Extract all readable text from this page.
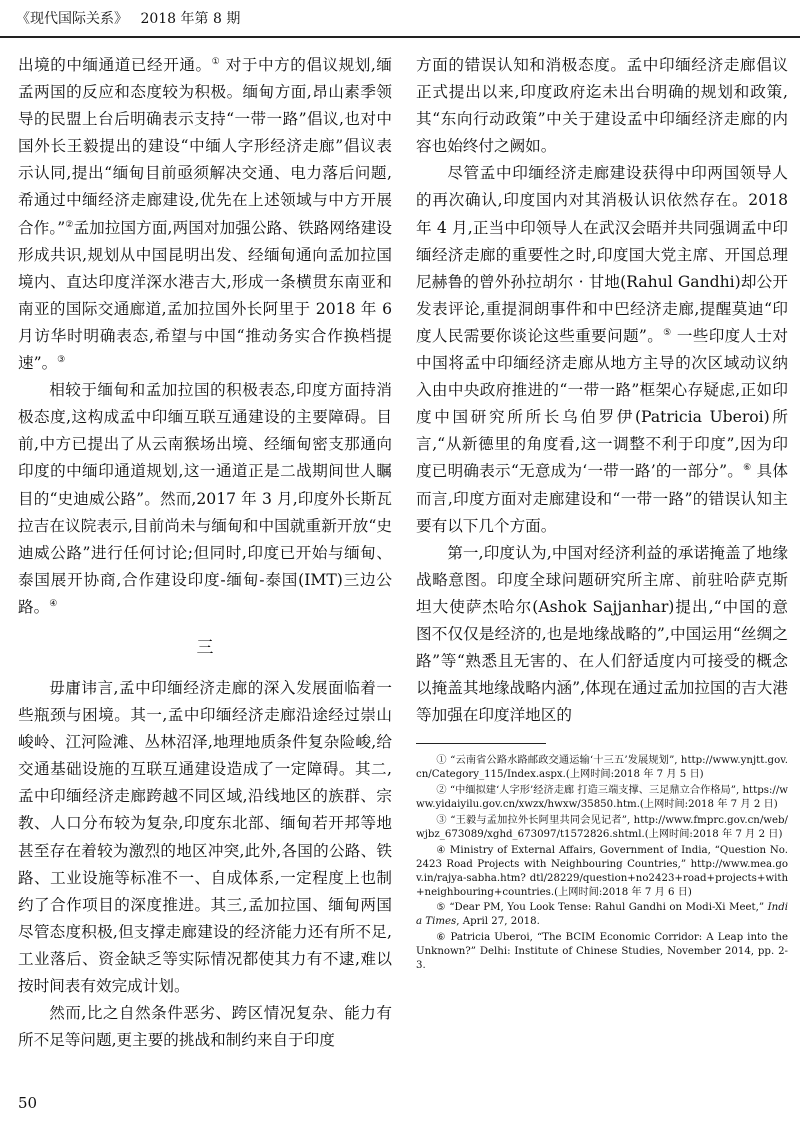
《现代国际关系》 2018 年第 8 期

出境的中缅通道已经开通。① 对于中方的倡议规划,缅孟两国的反应和态度较为积极。缅甸方面,昂山素季领导的民盟上台后明确表示支持“一带一路”倡议,也对中国外长王毅提出的建设“中缅人字形经济走廊”倡议表示认同,提出“缅甸目前亟须解决交通、电力落后问题,希通过中缅经济走廊建设,优先在上述领域与中方开展合作。”②孟加拉国方面,两国对加强公路、铁路网络建设形成共识,规划从中国昆明出发、经缅甸通向孟加拉国境内、直达印度洋深水港吉大,形成一条横贯东南亚和南亚的国际交通廊道,孟加拉国外长阿里于 2018 年 6 月访华时明确表态,希望与中国“推动务实合作换档提速”。③

相较于缅甸和孟加拉国的积极表态,印度方面持消极态度,这构成孟中印缅互联互通建设的主要障碍。目前,中方已提出了从云南猴场出境、经缅甸密支那通向印度的中缅印通道规划,这一通道正是二战期间世人瞩目的“史迪威公路”。然而,2017 年 3 月,印度外长斯瓦拉吉在议院表示,目前尚未与缅甸和中国就重新开放“史迪威公路”进行任何讨论;但同时,印度已开始与缅甸、泰国展开协商,合作建设印度-缅甸-泰国(IMT)三边公路。④

三

毋庸讳言,孟中印缅经济走廊的深入发展面临着一些瓶颈与困境。其一,孟中印缅经济走廊沿途经过崇山峻岭、江河险滩、丛林沼泽,地理地质条件复杂险峻,给交通基础设施的互联互通建设造成了一定障碍。其二,孟中印缅经济走廊跨越不同区域,沿线地区的族群、宗教、人口分布较为复杂,印度东北部、缅甸若开邦等地甚至存在着较为激烈的地区冲突,此外,各国的公路、铁路、工业设施等标准不一、自成体系,一定程度上也制约了合作项目的深度推进。其三,孟加拉国、缅甸两国尽管态度积极,但支撑走廊建设的经济能力还有所不足,工业落后、资金缺乏等实际情况都使其力有不逮,难以按时间表有效完成计划。

然而,比之自然条件恶劣、跨区情况复杂、能力有所不足等问题,更主要的挑战和制约来自于印度

方面的错误认知和消极态度。孟中印缅经济走廊倡议正式提出以来,印度政府迄未出台明确的规划和政策,其“东向行动政策”中关于建设孟中印缅经济走廊的内容也始终付之阙如。

尽管孟中印缅经济走廊建设获得中印两国领导人的再次确认,印度国内对其消极认识依然存在。2018 年 4 月,正当中印领导人在武汉会晤并共同强调孟中印缅经济走廊的重要性之时,印度国大党主席、开国总理尼赫鲁的曾外孙拉胡尔 · 甘地(Rahul Gandhi)却公开发表评论,重提洞朗事件和中巴经济走廊,提醒莫迪“印度人民需要你谈论这些重要问题”。⑤ 一些印度人士对中国将孟中印缅经济走廊从地方主导的次区域动议纳入由中央政府推进的“一带一路”框架心存疑虑,正如印度中国研究所所长乌伯罗伊(Patricia Uberoi)所言,“从新德里的角度看,这一调整不利于印度”,因为印度已明确表示“无意成为‘一带一路’的一部分”。⑥ 具体而言,印度方面对走廊建设和“一带一路”的错误认知主要有以下几个方面。

第一,印度认为,中国对经济利益的承诺掩盖了地缘战略意图。印度全球问题研究所主席、前驻哈萨克斯坦大使萨杰哈尔(Ashok Sajjanhar)提出,“中国的意图不仅仅是经济的,也是地缘战略的”,中国运用“丝绸之路”等“熟悉且无害的、在人们舒适度内可接受的概念以掩盖其地缘战略内涵”,体现在通过孟加拉国的吉大港等加强在印度洋地区的

① “云南省公路水路邮政交通运输‘十三五’发展规划”, http://www.ynjtt.gov.cn/Category_115/Index.aspx.(上网时间:2018 年 7 月 5 日)

② “中缅拟建‘人字形’经济走廊 打造三端支撑、三足鼎立合作格局”, https://www.yidaiyilu.gov.cn/xwzx/hwxw/35850.htm.(上网时间:2018 年 7 月 2 日)

③ “王毅与孟加拉外长阿里共同会见记者”, http://www.fmprc.gov.cn/web/wjbz_673089/xghd_673097/t1572826.shtml.(上网时间:2018 年 7 月 2 日)

④ Ministry of External Affairs, Government of India, “Question No. 2423 Road Projects with Neighbouring Countries,” http://www.mea.gov.in/rajya-sabha.htm? dtl/28229/question+no2423+road+projects+with+neighbouring+countries.(上网时间:2018 年 7 月 6 日)

⑤ “Dear PM, You Look Tense: Rahul Gandhi on Modi-Xi Meet,” India Times, April 27, 2018.

⑥ Patricia Uberoi, “The BCIM Economic Corridor: A Leap into the Unknown?” Delhi: Institute of Chinese Studies, November 2014, pp. 2-3.

50
